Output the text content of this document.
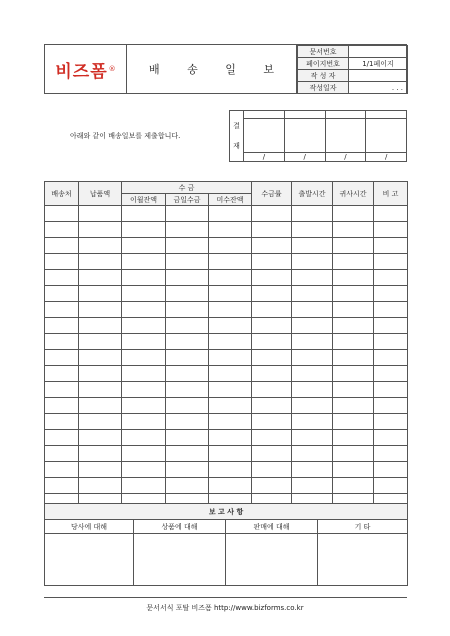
비즈폼 ®	배 송 일 보
문서번호	
페이지번호	1/1페이지
작 성 자	
작성일자	. . .
아래와 같이 배송일보를 제출합니다.
결
재				

	/	/	/	/
배송처	납품액	수 금			수금률	출발시간	귀사시간	비 고
		이월잔액	금일수금	미수잔액				

보 고 사 항			
당사에 대해	상품에 대해	판매에 대해	기 타

문서서식 포탈 비즈폼 http://www.bizforms.co.kr
